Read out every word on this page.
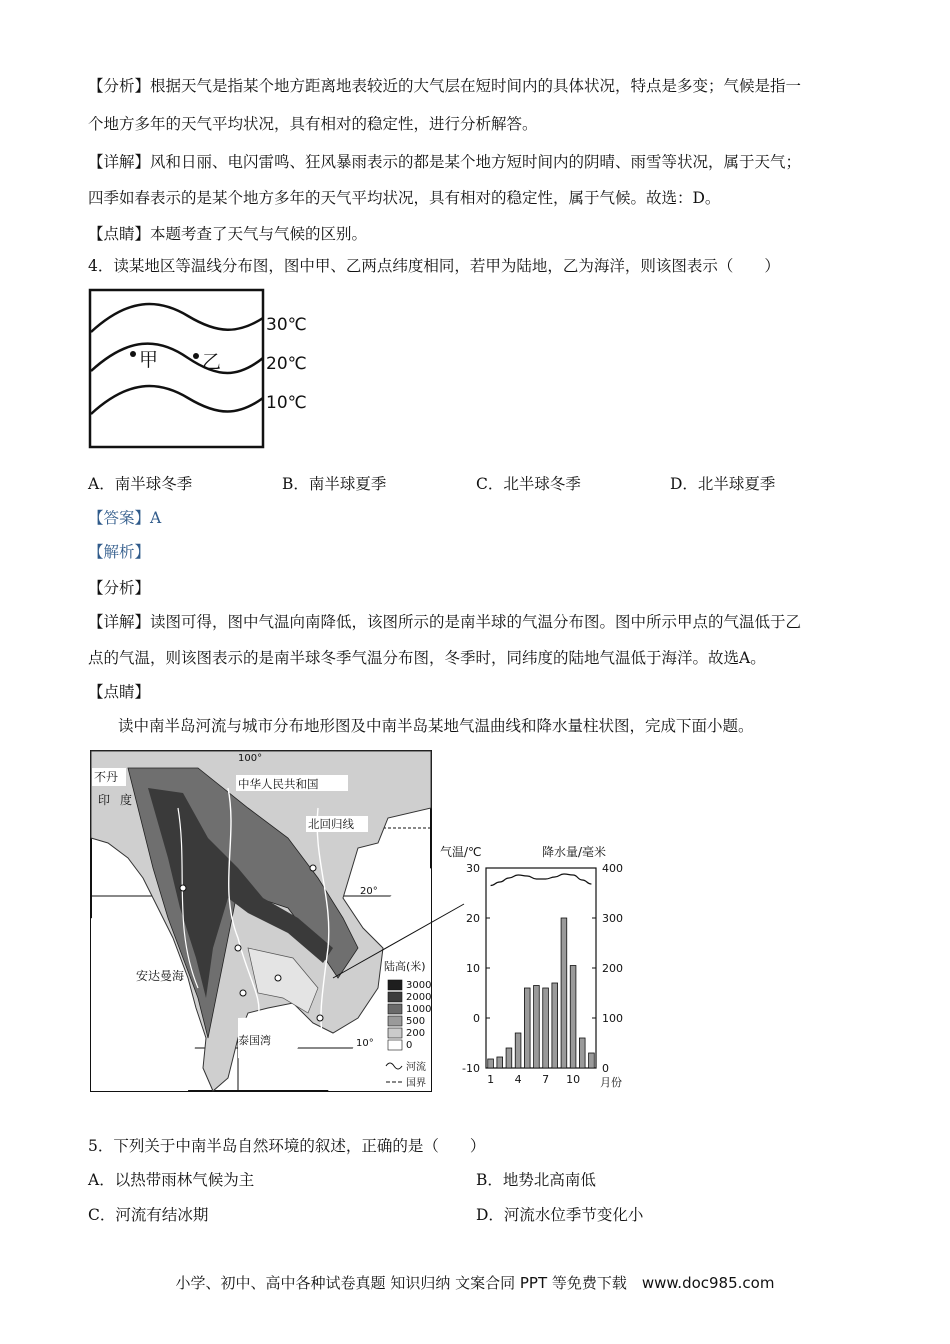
【分析】根据天气是指某个地方距离地表较近的大气层在短时间内的具体状况，特点是多变；气候是指一
个地方多年的天气平均状况，具有相对的稳定性，进行分析解答。
【详解】风和日丽、电闪雷鸣、狂风暴雨表示的都是某个地方短时间内的阴晴、雨雪等状况，属于天气；
四季如春表示的是某个地方多年的天气平均状况，具有相对的稳定性，属于气候。故选：D。
【点睛】本题考查了天气与气候的区别。
4．读某地区等温线分布图，图中甲、乙两点纬度相同，若甲为陆地，乙为海洋，则该图表示（　　）
甲 乙
30℃
20℃
10℃
A．南半球冬季	B．南半球夏季	C．北半球冬季	D．北半球夏季
【答案】A
【解析】
【分析】
【详解】读图可得，图中气温向南降低，该图所示的是南半球的气温分布图。图中所示甲点的气温低于乙
点的气温，则该图表示的是南半球冬季气温分布图，冬季时，同纬度的陆地气温低于海洋。故选A。
【点睛】
读中南半岛河流与城市分布地形图及中南半岛某地气温曲线和降水量柱状图，完成下面小题。
100°
中华人民共和国
北回归线
20°
10°
不丹
印度
安达曼海
泰国湾
陆高(米)
3000
2000
1000
500
200
0
河流
国界
气温/℃	降水量/毫米
30
20
10
0
-10
400
300
200
100
0
1 4 7 10 月份
5．下列关于中南半岛自然环境的叙述，正确的是（　　）
A．以热带雨林气候为主	B．地势北高南低
C．河流有结冰期	D．河流水位季节变化小
小学、初中、高中各种试卷真题 知识归纳 文案合同 PPT 等免费下载　www.doc985.com
